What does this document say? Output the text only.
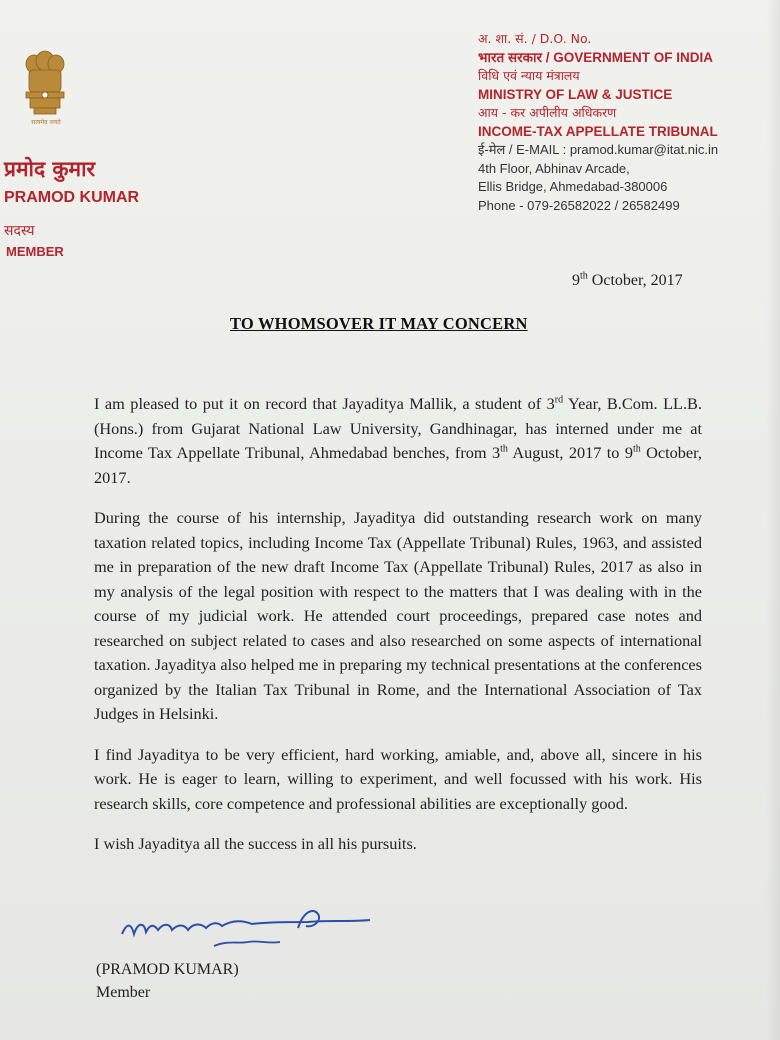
सत्यमेव जयते

प्रमोद कुमार

PRAMOD KUMAR

सदस्य

MEMBER

अ. शा. सं. / D.O. No.

भारत सरकार / GOVERNMENT OF INDIA

विधि एवं न्याय मंत्रालय

MINISTRY OF LAW & JUSTICE

आय - कर अपीलीय अधिकरण

INCOME-TAX APPELLATE TRIBUNAL

ई-मेल / E-MAIL : pramod.kumar@itat.nic.in

4th Floor, Abhinav Arcade,

Ellis Bridge, Ahmedabad-380006

Phone - 079-26582022 / 26582499

9th October, 2017
TO WHOMSOVER IT MAY CONCERN

I am pleased to put it on record that Jayaditya Mallik, a student of 3rd Year, B.Com. LL.B. (Hons.) from Gujarat National Law University, Gandhinagar, has interned under me at Income Tax Appellate Tribunal, Ahmedabad benches, from 3th August, 2017 to 9th October, 2017.

During the course of his internship, Jayaditya did outstanding research work on many taxation related topics, including Income Tax (Appellate Tribunal) Rules, 1963, and assisted me in preparation of the new draft Income Tax (Appellate Tribunal) Rules, 2017 as also in my analysis of the legal position with respect to the matters that I was dealing with in the course of my judicial work. He attended court proceedings, prepared case notes and researched on subject related to cases and also researched on some aspects of international taxation. Jayaditya also helped me in preparing my technical presentations at the conferences organized by the Italian Tax Tribunal in Rome, and the International Association of Tax Judges in Helsinki.

I find Jayaditya to be very efficient, hard working, amiable, and, above all, sincere in his work. He is eager to learn, willing to experiment, and well focussed with his work. His research skills, core competence and professional abilities are exceptionally good.

I wish Jayaditya all the success in all his pursuits.

(PRAMOD KUMAR)

Member
